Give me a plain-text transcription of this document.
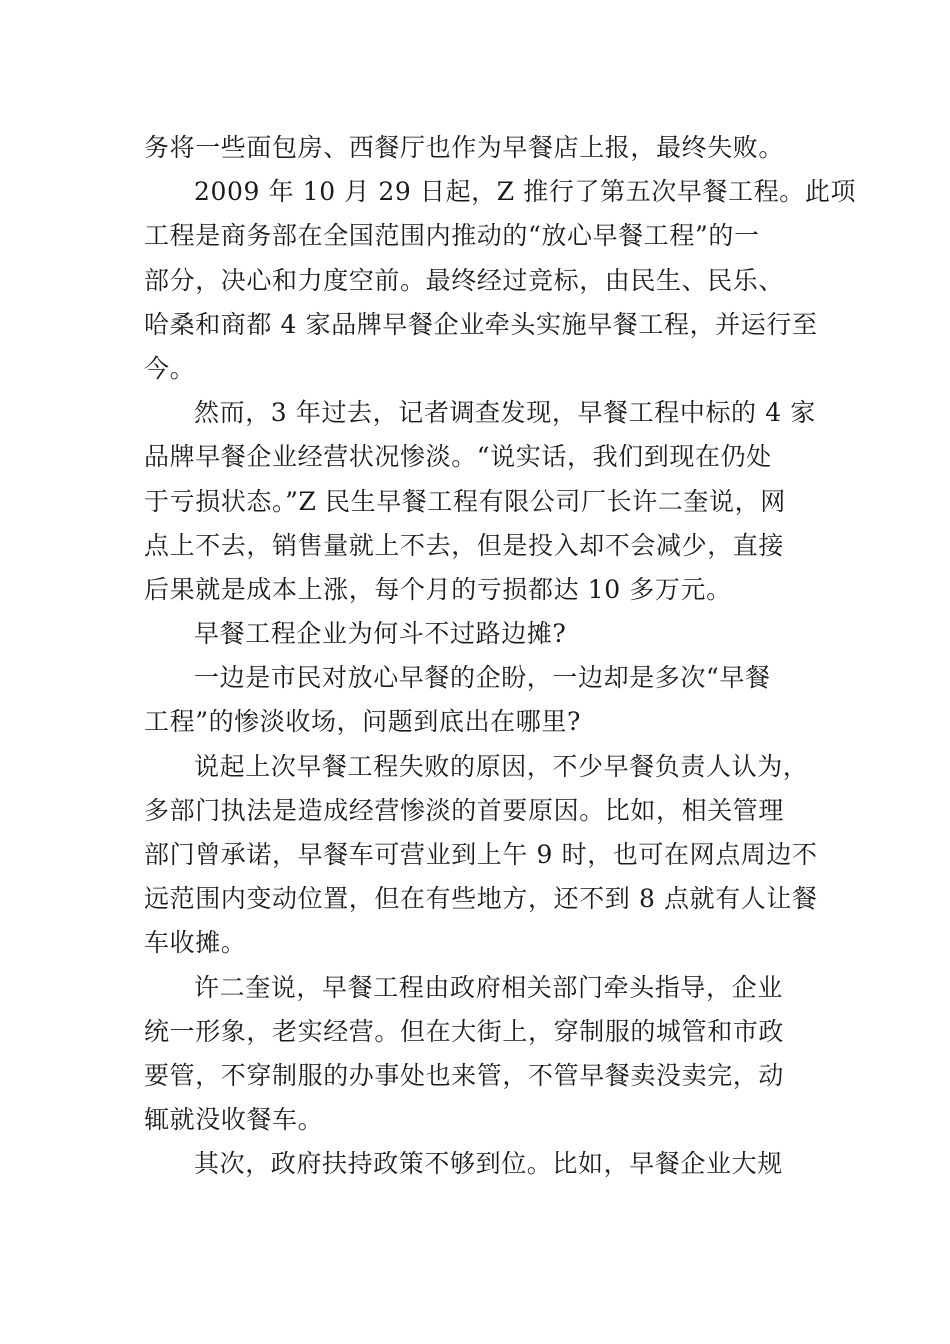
务将一些面包房、西餐厅也作为早餐店上报，最终失败。
2009 年 10 月 29 日起，Z 推行了第五次早餐工程。此项
工程是商务部在全国范围内推动的“放心早餐工程”的一
部分，决心和力度空前。最终经过竞标，由民生、民乐、
哈桑和商都 4 家品牌早餐企业牵头实施早餐工程，并运行至
今。
然而，3 年过去，记者调查发现，早餐工程中标的 4 家
品牌早餐企业经营状况惨淡。“说实话，我们到现在仍处
于亏损状态。”Z 民生早餐工程有限公司厂长许二奎说，网
点上不去，销售量就上不去，但是投入却不会减少，直接
后果就是成本上涨，每个月的亏损都达 10 多万元。
早餐工程企业为何斗不过路边摊?
一边是市民对放心早餐的企盼，一边却是多次“早餐
工程”的惨淡收场，问题到底出在哪里?
说起上次早餐工程失败的原因，不少早餐负责人认为，
多部门执法是造成经营惨淡的首要原因。比如，相关管理
部门曾承诺，早餐车可营业到上午 9 时，也可在网点周边不
远范围内变动位置，但在有些地方，还不到 8 点就有人让餐
车收摊。
许二奎说，早餐工程由政府相关部门牵头指导，企业
统一形象，老实经营。但在大街上，穿制服的城管和市政
要管，不穿制服的办事处也来管，不管早餐卖没卖完，动
辄就没收餐车。
其次，政府扶持政策不够到位。比如，早餐企业大规
